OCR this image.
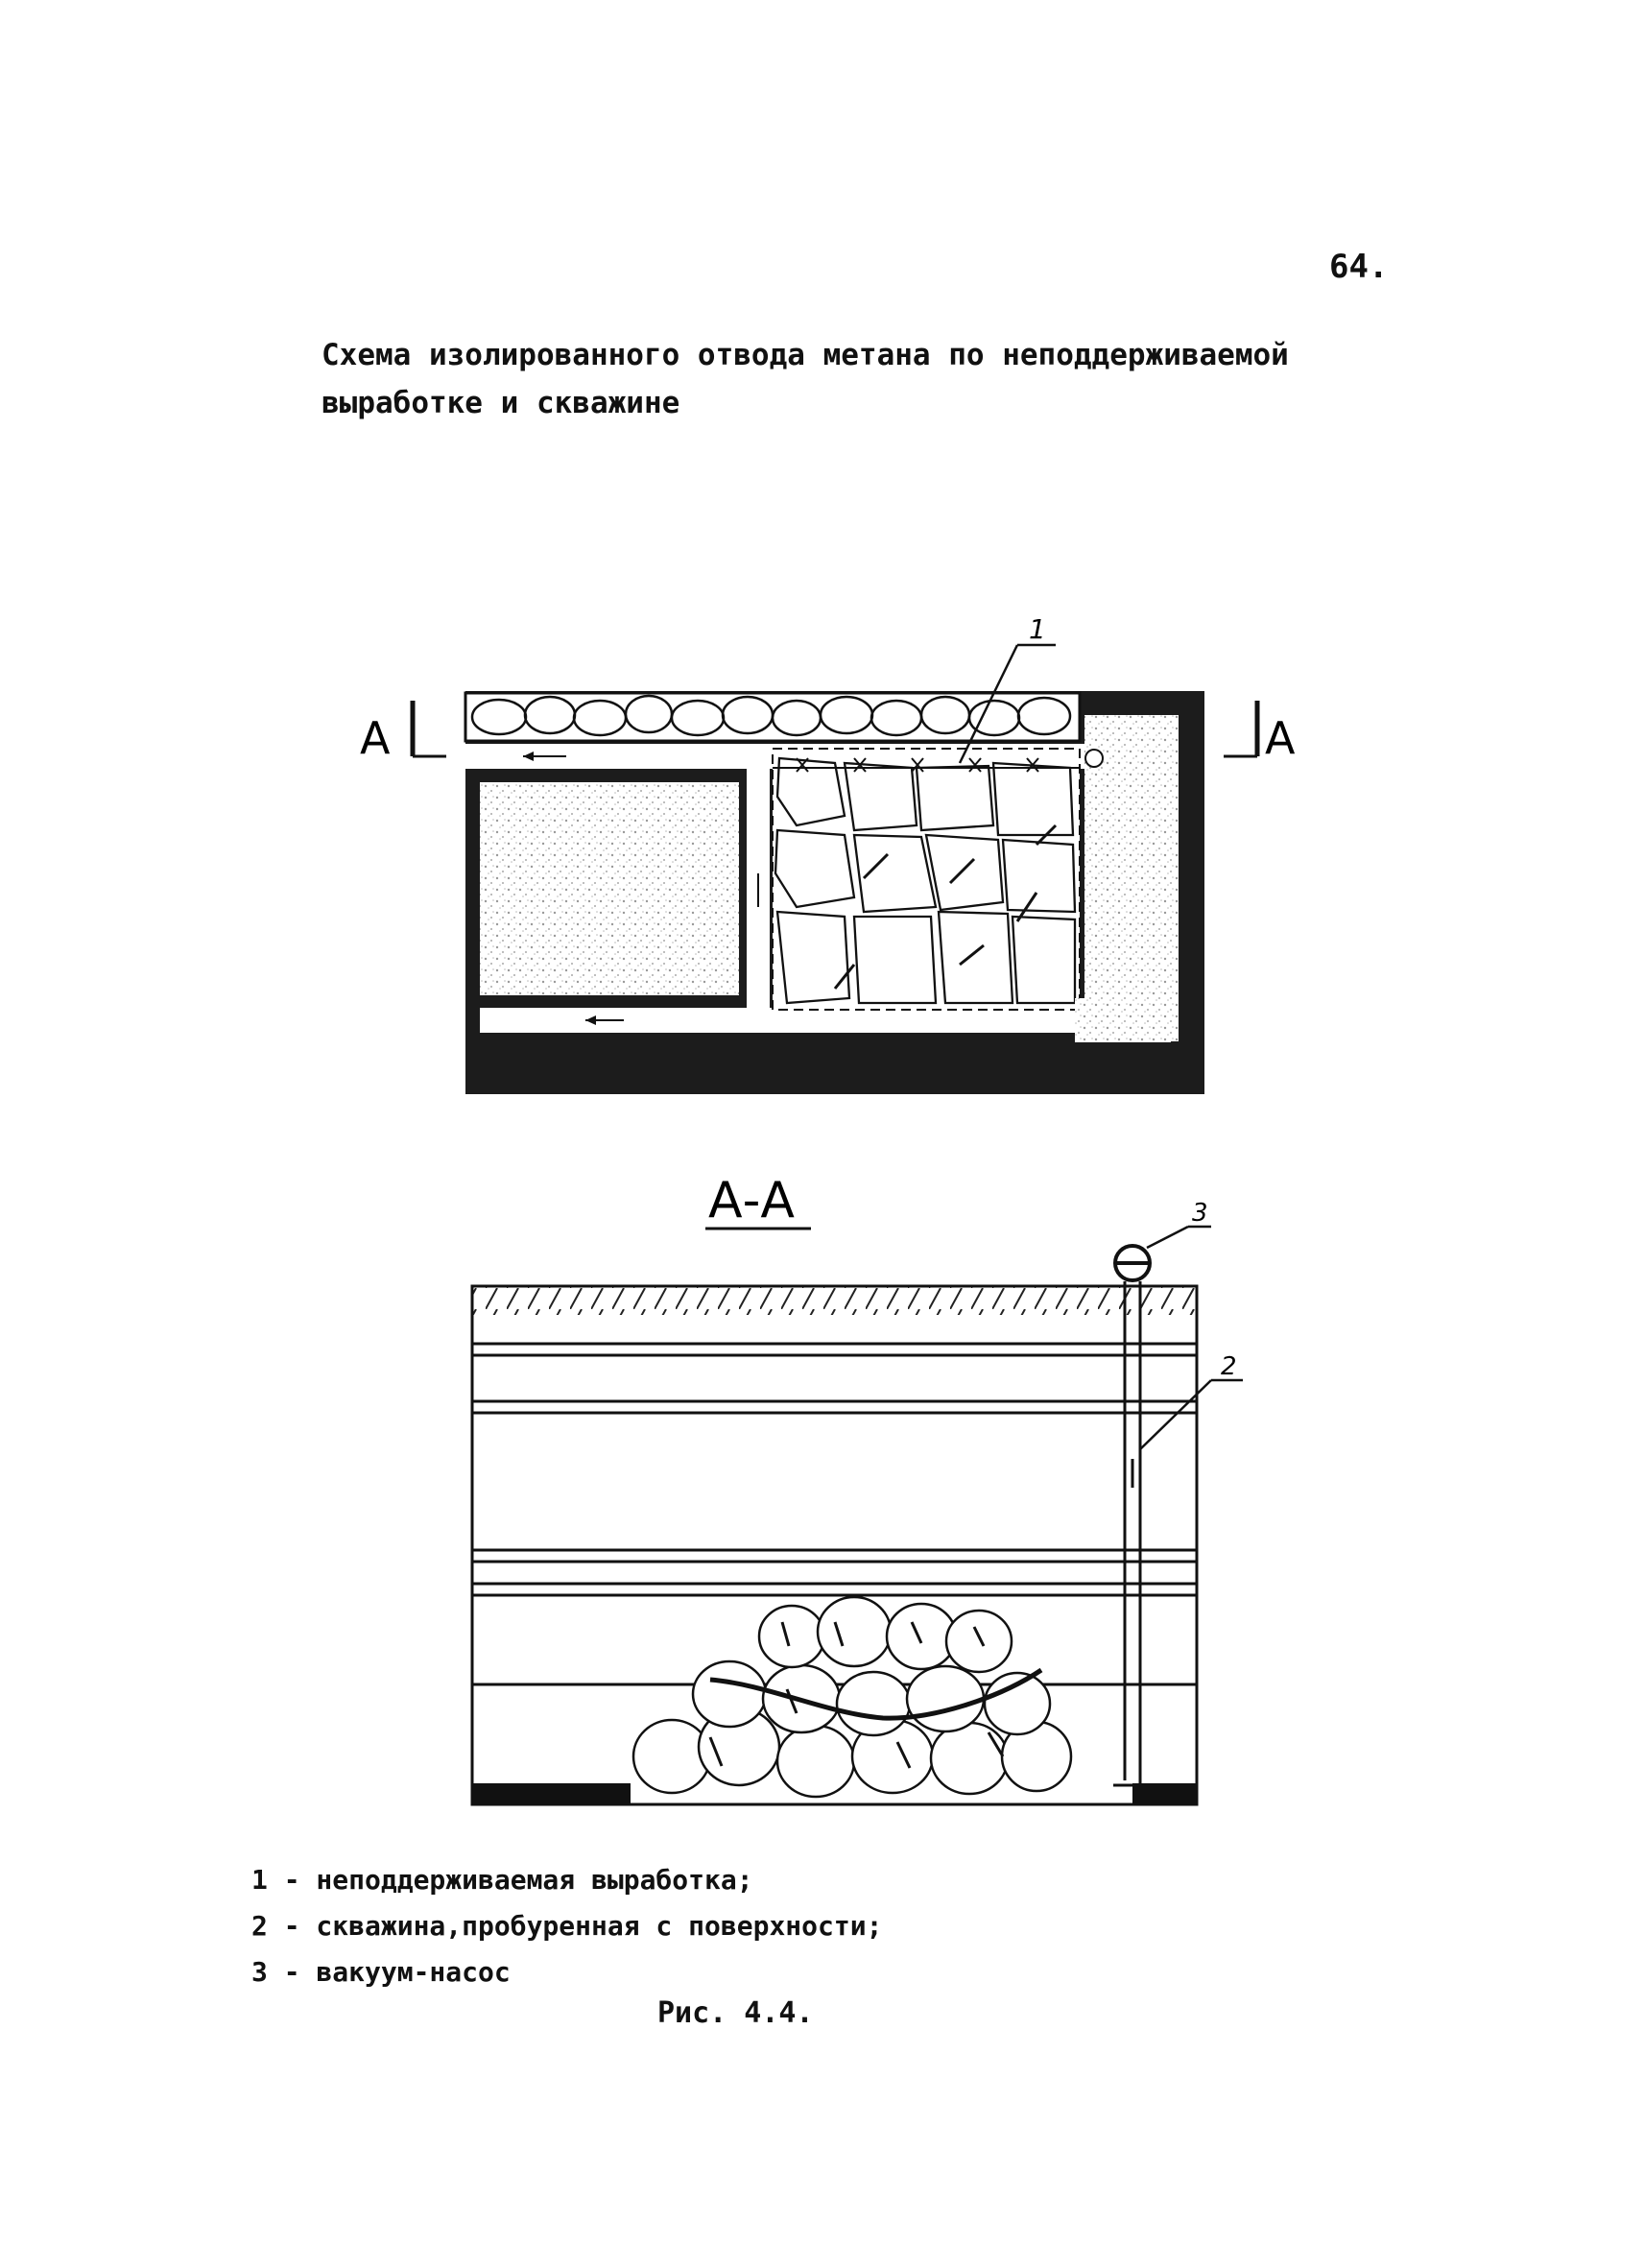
64.
Схема изолированного отвода метана по неподдерживаемой
выработке и скважине
1
А	А
А-А	3
2
1 - неподдерживаемая выработка;
2 - скважина,пробуренная с поверхности;
3 - вакуум-насос
Рис. 4.4.
